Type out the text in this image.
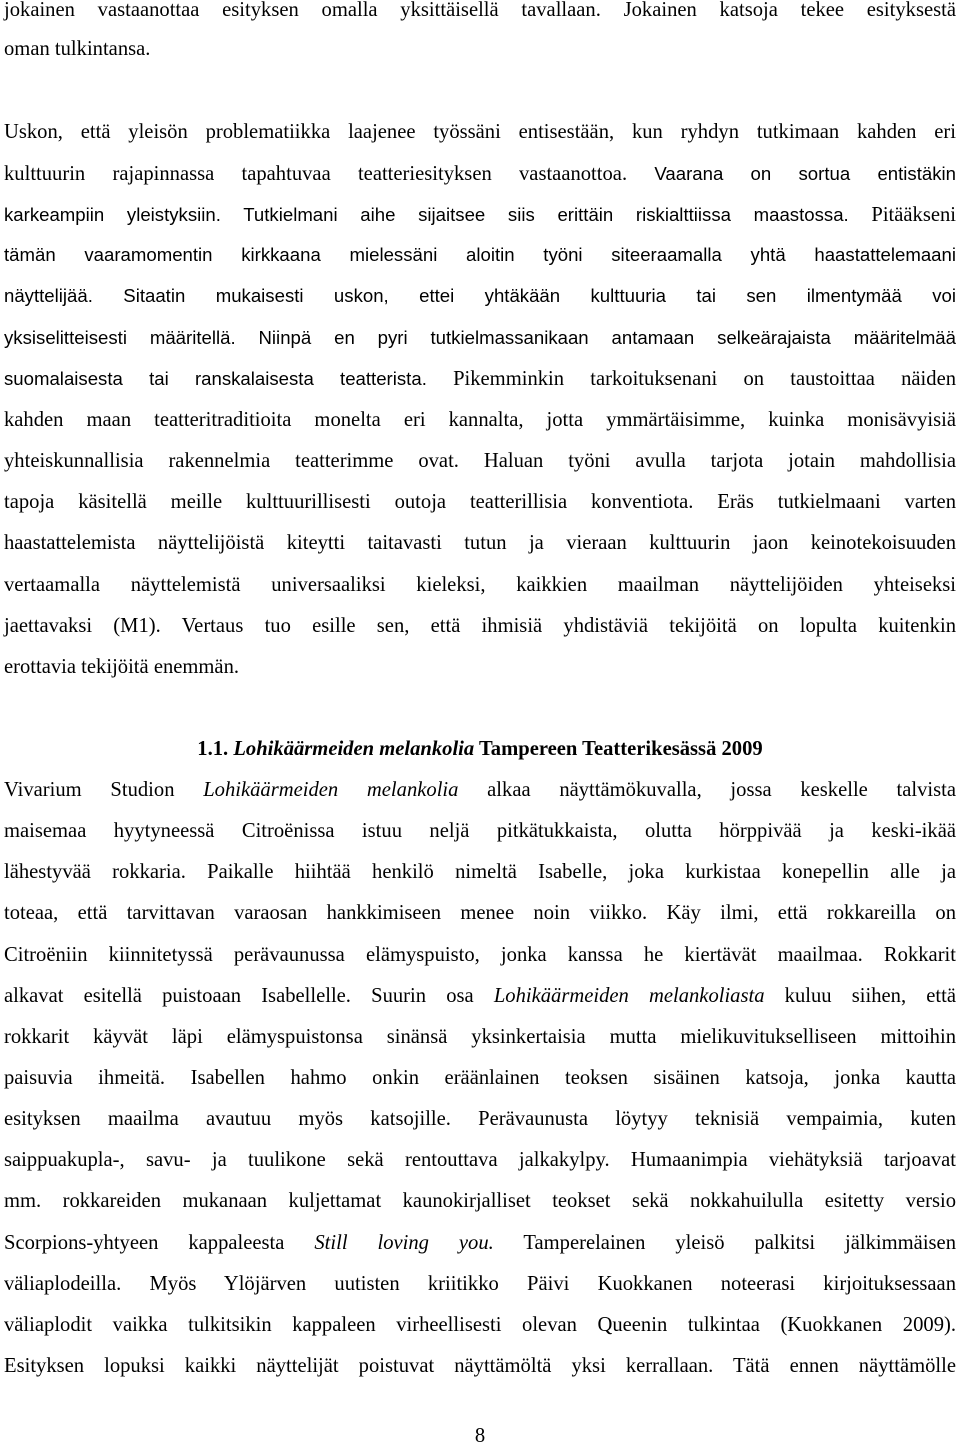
jokainen vastaanottaa esityksen omalla yksittäisellä tavallaan. Jokainen katsoja tekee esityksestä
oman tulkintansa.
Uskon, että yleisön problematiikka laajenee työssäni entisestään, kun ryhdyn tutkimaan kahden eri
kulttuurin rajapinnassa tapahtuvaa teatteriesityksen vastaanottoa. Vaarana on sortua entistäkin
karkeampiin yleistyksiin. Tutkielmani aihe sijaitsee siis erittäin riskialttiissa maastossa. Pitääkseni
tämän vaaramomentin kirkkaana mielessäni aloitin työni siteeraamalla yhtä haastattelemaani
näyttelijää. Sitaatin mukaisesti uskon, ettei yhtäkään kulttuuria tai sen ilmentymää voi
yksiselitteisesti määritellä. Niinpä en pyri tutkielmassanikaan antamaan selkeärajaista määritelmää
suomalaisesta tai ranskalaisesta teatterista. Pikemminkin tarkoituksenani on taustoittaa näiden
kahden maan teatteritraditioita monelta eri kannalta, jotta ymmärtäisimme, kuinka monisävyisiä
yhteiskunnallisia rakennelmia teatterimme ovat. Haluan työni avulla tarjota jotain mahdollisia
tapoja käsitellä meille kulttuurillisesti outoja teatterillisia konventiota. Eräs tutkielmaani varten
haastattelemista näyttelijöistä kiteytti taitavasti tutun ja vieraan kulttuurin jaon keinotekoisuuden
vertaamalla näyttelemistä universaaliksi kieleksi, kaikkien maailman näyttelijöiden yhteiseksi
jaettavaksi (M1). Vertaus tuo esille sen, että ihmisiä yhdistäviä tekijöitä on lopulta kuitenkin
erottavia tekijöitä enemmän.
1.1. Lohikäärmeiden melankolia Tampereen Teatterikesässä 2009
Vivarium Studion Lohikäärmeiden melankolia alkaa näyttämökuvalla, jossa keskelle talvista
maisemaa hyytyneessä Citroënissa istuu neljä pitkätukkaista, olutta hörppivää ja keski-ikää
lähestyvää rokkaria. Paikalle hiihtää henkilö nimeltä Isabelle, joka kurkistaa konepellin alle ja
toteaa, että tarvittavan varaosan hankkimiseen menee noin viikko. Käy ilmi, että rokkareilla on
Citroëniin kiinnitetyssä perävaunussa elämyspuisto, jonka kanssa he kiertävät maailmaa. Rokkarit
alkavat esitellä puistoaan Isabellelle. Suurin osa Lohikäärmeiden melankoliasta kuluu siihen, että
rokkarit käyvät läpi elämyspuistonsa sinänsä yksinkertaisia mutta mielikuvitukselliseen mittoihin
paisuvia ihmeitä. Isabellen hahmo onkin eräänlainen teoksen sisäinen katsoja, jonka kautta
esityksen maailma avautuu myös katsojille. Perävaunusta löytyy teknisiä vempaimia, kuten
saippuakupla-, savu- ja tuulikone sekä rentouttava jalkakylpy. Humaanimpia viehätyksiä tarjoavat
mm. rokkareiden mukanaan kuljettamat kaunokirjalliset teokset sekä nokkahuilulla esitetty versio
Scorpions-yhtyeen kappaleesta Still loving you. Tamperelainen yleisö palkitsi jälkimmäisen
väliaplodeilla. Myös Ylöjärven uutisten kriitikko Päivi Kuokkanen noteerasi kirjoituksessaan
väliaplodit vaikka tulkitsikin kappaleen virheellisesti olevan Queenin tulkintaa (Kuokkanen 2009).
Esityksen lopuksi kaikki näyttelijät poistuvat näyttämöltä yksi kerrallaan. Tätä ennen näyttämölle
8
